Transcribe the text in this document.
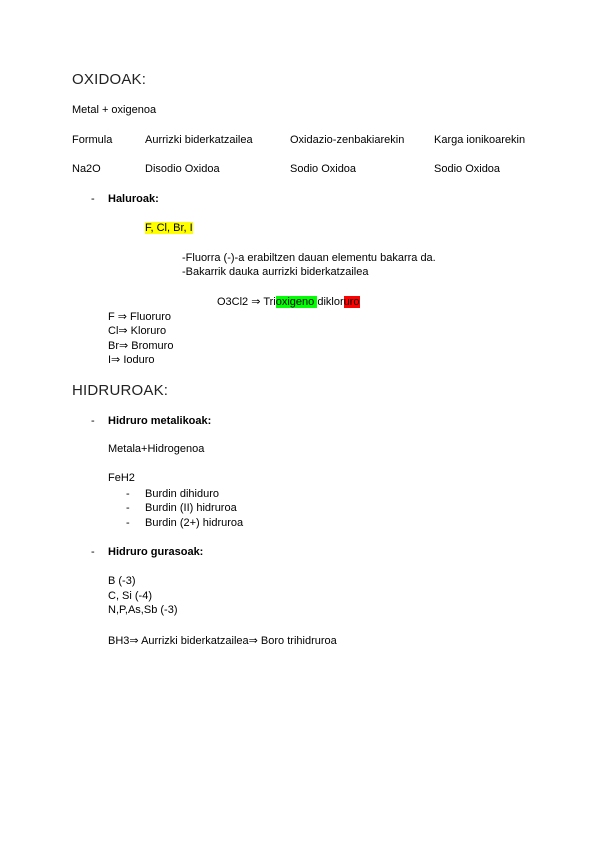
OXIDOAK:
Metal + oxigenoa
Formula	Aurrizki biderkatzailea	Oxidazio-zenbakiarekin	Karga ionikoarekin
Na2O	Disodio Oxidoa	Sodio Oxidoa	Sodio Oxidoa
- Haluroak:
F, Cl, Br, I
-Fluorra (-)-a erabiltzen dauan elementu bakarra da.
-Bakarrik dauka aurrizki biderkatzailea
O3Cl2 ⇒ Trioxigeno dikloruro
F ⇒ Fluoruro
Cl⇒ Kloruro
Br⇒ Bromuro
I⇒ Ioduro
HIDRUROAK:
- Hidruro metalikoak:
Metala+Hidrogenoa
FeH2
- Burdin dihiduro
- Burdin (II) hidruroa
- Burdin (2+) hidruroa
- Hidruro gurasoak:
B (-3)
C, Si (-4)
N,P,As,Sb (-3)
BH3⇒ Aurrizki biderkatzailea⇒ Boro trihidruroa
